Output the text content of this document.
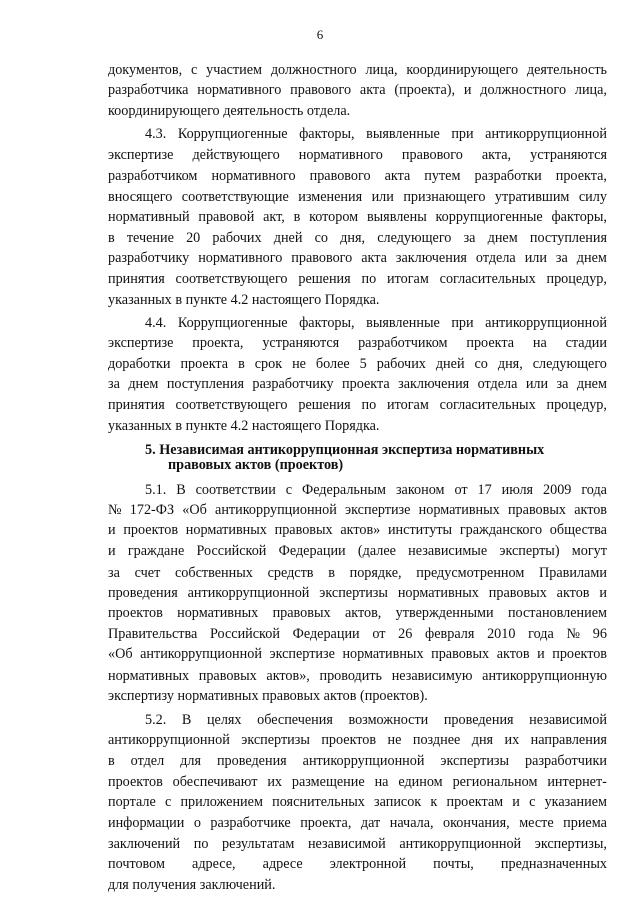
6
документов, с участием должностного лица, координирующего деятельность
разработчика нормативного правового акта (проекта), и должностного лица,
координирующего деятельность отдела.
4.3. Коррупциогенные факторы, выявленные при антикоррупционной
экспертизе действующего нормативного правового акта, устраняются
разработчиком нормативного правового акта путем разработки проекта,
вносящего соответствующие изменения или признающего утратившим силу
нормативный правовой акт, в котором выявлены коррупциогенные факторы,
в течение 20 рабочих дней со дня, следующего за днем поступления
разработчику нормативного правового акта заключения отдела или за днем
принятия соответствующего решения по итогам согласительных процедур,
указанных в пункте 4.2 настоящего Порядка.
4.4. Коррупциогенные факторы, выявленные при антикоррупционной
экспертизе проекта, устраняются разработчиком проекта на стадии
доработки проекта в срок не более 5 рабочих дней со дня, следующего
за днем поступления разработчику проекта заключения отдела или за днем
принятия соответствующего решения по итогам согласительных процедур,
указанных в пункте 4.2 настоящего Порядка.
5. Независимая антикоррупционная экспертиза нормативных
правовых актов (проектов)
5.1. В соответствии с Федеральным законом от 17 июля 2009 года
№ 172-ФЗ «Об антикоррупционной экспертизе нормативных правовых актов
и проектов нормативных правовых актов» институты гражданского общества
и граждане Российской Федерации (далее независимые эксперты) могут
за счет собственных средств в порядке, предусмотренном Правилами
проведения антикоррупционной экспертизы нормативных правовых актов и
проектов нормативных правовых актов, утвержденными постановлением
Правительства Российской Федерации от 26 февраля 2010 года № 96
«Об антикоррупционной экспертизе нормативных правовых актов и проектов
нормативных правовых актов», проводить независимую антикоррупционную
экспертизу нормативных правовых актов (проектов).
5.2. В целях обеспечения возможности проведения независимой
антикоррупционной экспертизы проектов не позднее дня их направления
в отдел для проведения антикоррупционной экспертизы разработчики
проектов обеспечивают их размещение на едином региональном интернет-
портале с приложением пояснительных записок к проектам и с указанием
информации о разработчике проекта, дат начала, окончания, месте приема
заключений по результатам независимой антикоррупционной экспертизы,
почтовом адресе, адресе электронной почты, предназначенных
для получения заключений.
